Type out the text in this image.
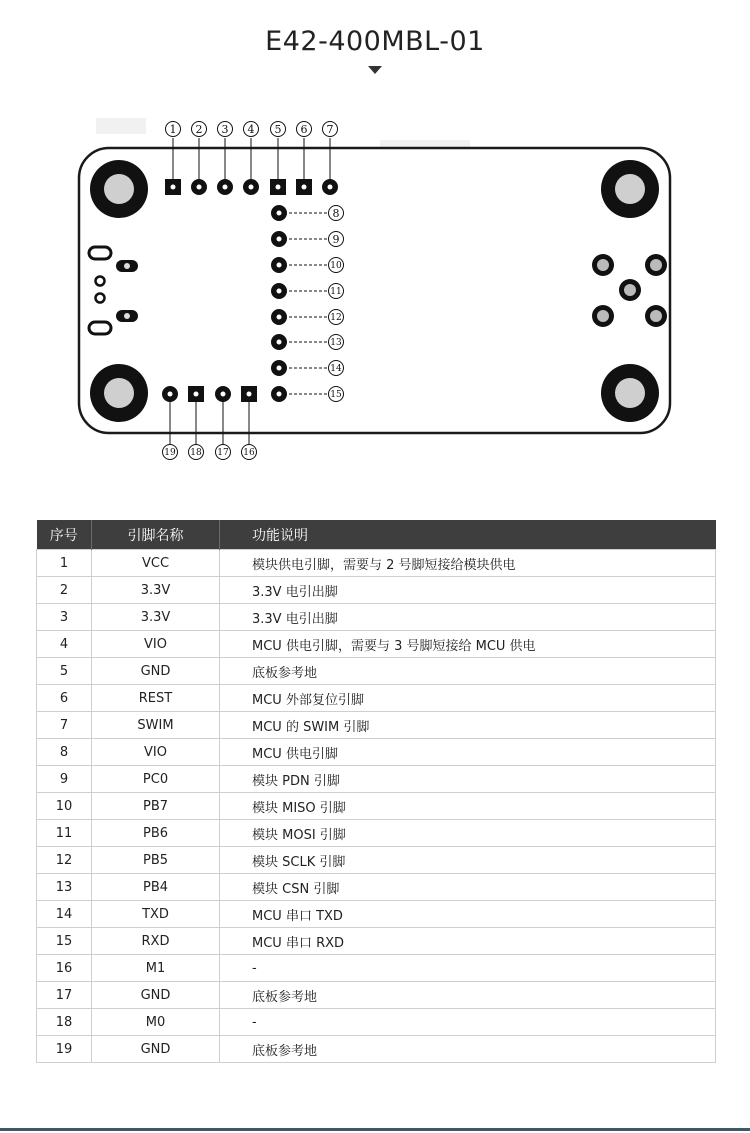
E42-400MBL-01
1 2 3 4 5 6 7
8
9
10
11
12
13
14
15
19 18 17 16
序号	引脚名称	功能说明
1	VCC	模块供电引脚，需要与 2 号脚短接给模块供电
2	3.3V	3.3V 电引出脚
3	3.3V	3.3V 电引出脚
4	VIO	MCU 供电引脚，需要与 3 号脚短接给 MCU 供电
5	GND	底板参考地
6	REST	MCU 外部复位引脚
7	SWIM	MCU 的 SWIM 引脚
8	VIO	MCU 供电引脚
9	PC0	模块 PDN 引脚
10	PB7	模块 MISO 引脚
11	PB6	模块 MOSI 引脚
12	PB5	模块 SCLK 引脚
13	PB4	模块 CSN 引脚
14	TXD	MCU 串口 TXD
15	RXD	MCU 串口 RXD
16	M1	-
17	GND	底板参考地
18	M0	-
19	GND	底板参考地
